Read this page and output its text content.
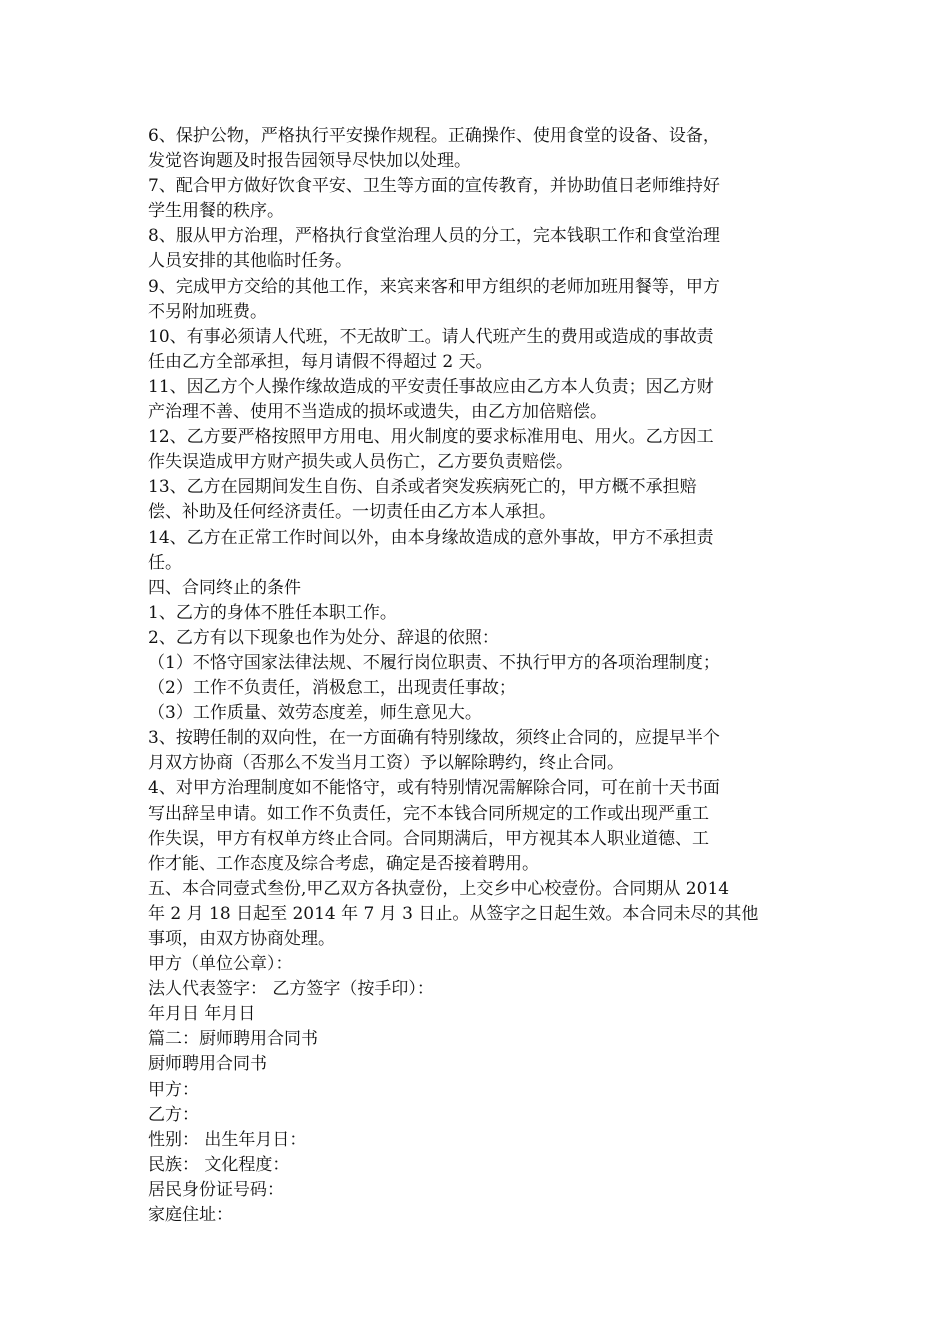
6、保护公物，严格执行平安操作规程。正确操作、使用食堂的设备、设备，
发觉咨询题及时报告园领导尽快加以处理。
7、配合甲方做好饮食平安、卫生等方面的宣传教育，并协助值日老师维持好
学生用餐的秩序。
8、服从甲方治理，严格执行食堂治理人员的分工，完本钱职工作和食堂治理
人员安排的其他临时任务。
9、完成甲方交给的其他工作，来宾来客和甲方组织的老师加班用餐等，甲方
不另附加班费。
10、有事必须请人代班，不无故旷工。请人代班产生的费用或造成的事故责
任由乙方全部承担，每月请假不得超过 2 天。
11、因乙方个人操作缘故造成的平安责任事故应由乙方本人负责；因乙方财
产治理不善、使用不当造成的损坏或遗失，由乙方加倍赔偿。
12、乙方要严格按照甲方用电、用火制度的要求标准用电、用火。乙方因工
作失误造成甲方财产损失或人员伤亡，乙方要负责赔偿。
13、乙方在园期间发生自伤、自杀或者突发疾病死亡的，甲方概不承担赔
偿、补助及任何经济责任。一切责任由乙方本人承担。
14、乙方在正常工作时间以外，由本身缘故造成的意外事故，甲方不承担责
任。
四、合同终止的条件
1、乙方的身体不胜任本职工作。
2、乙方有以下现象也作为处分、辞退的依照：
（1）不恪守国家法律法规、不履行岗位职责、不执行甲方的各项治理制度；
（2）工作不负责任，消极怠工，出现责任事故；
（3）工作质量、效劳态度差，师生意见大。
3、按聘任制的双向性，在一方面确有特别缘故，须终止合同的，应提早半个
月双方协商（否那么不发当月工资）予以解除聘约，终止合同。
4、对甲方治理制度如不能恪守，或有特别情况需解除合同，可在前十天书面
写出辞呈申请。如工作不负责任，完不本钱合同所规定的工作或出现严重工
作失误，甲方有权单方终止合同。合同期满后，甲方视其本人职业道德、工
作才能、工作态度及综合考虑，确定是否接着聘用。
五、本合同壹式叁份,甲乙双方各执壹份，上交乡中心校壹份。合同期从 2014
年 2 月 18 日起至 2014 年 7 月 3 日止。从签字之日起生效。本合同未尽的其他
事项，由双方协商处理。
甲方（单位公章）：
法人代表签字： 乙方签字（按手印）：
年月日 年月日
篇二：厨师聘用合同书
厨师聘用合同书
甲方：
乙方：
性别： 出生年月日：
民族： 文化程度：
居民身份证号码：
家庭住址：
